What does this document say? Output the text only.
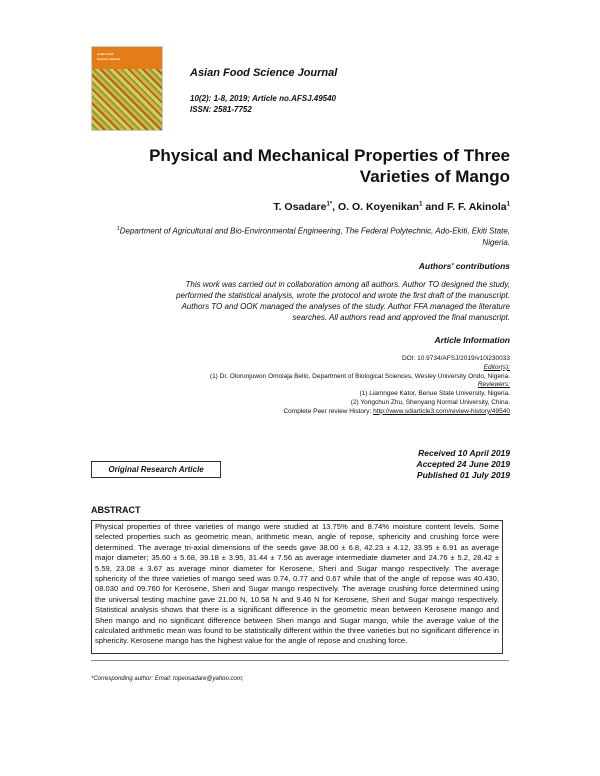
Asian Food
Science Journal
Asian Food Science Journal
10(2): 1-8, 2019; Article no.AFSJ.49540
ISSN: 2581-7752
Physical and Mechanical Properties of Three
Varieties of Mango
T. Osadare$^{1*}$, O. O. Koyenikan$^1$ and F. F. Akinola$^1$
$^1$Department of Agricultural and Bio-Environmental Engineering, The Federal Polytechnic, Ado-Ekiti, Ekiti State, Nigeria.
Authors' contributions
This work was carried out in collaboration among all authors. Author TO designed the study,
performed the statistical analysis, wrote the protocol and wrote the first draft of the manuscript.
Authors TO and OOK managed the analyses of the study. Author FFA managed the literature
searches. All authors read and approved the final manuscript.
Article Information
DOI: 10.9734/AFSJ/2019/v10i230033
Editor(s):
(1) Dr. Olorunjuwon Omolaja Bello, Department of Biological Sciences, Wesley University Ondo, Nigeria.
Reviewers:
(1) Liamngee Kator, Benue State University, Nigeria.
(2) Yongchun Zhu, Shenyang Normal University, China.
Complete Peer review History: http://www.sdiarticle3.com/review-history/49540
Received 10 April 2019
Accepted 24 June 2019
Published 01 July 2019
Original Research Article
ABSTRACT
Physical properties of three varieties of mango were studied at 13.75% and 8.74% moisture content levels. Some selected properties such as geometric mean, arithmetic mean, angle of repose, sphericity and crushing force were determined. The average tri-axial dimensions of the seeds gave 38.00 ± 6.8, 42.23 ± 4.12, 33.95 ± 6.91 as average major diameter; 35.60 ± 5.68, 39.18 ± 3.95, 31.44 ± 7.56 as average intermediate diameter and 24.76 ± 5.2, 28.42 ± 5.59, 23.08 ± 3.67 as average minor diameter for Kerosene, Sheri and Sugar mango respectively. The average sphericity of the three varieties of mango seed was 0.74, 0.77 and 0.67 while that of the angle of repose was 40.430, 08.030 and 09.760 for Kerosene, Sheri and Sugar mango respectively. The average crushing force determined using the universal testing machine gave 21.00 N, 10.58 N and 9.46 N for Kerosene, Sheri and Sugar mango respectively. Statistical analysis shows that there is a significant difference in the geometric mean between Kerosene mango and Sheri mango and no significant difference between Sheri mango and Sugar mango, while the average value of the calculated arithmetic mean was found to be statistically different within the three varieties but no significant difference in sphericity. Kerosene mango has the highest value for the angle of repose and crushing force.
*Corresponding author: Email: topeosadare@yahoo.com;
